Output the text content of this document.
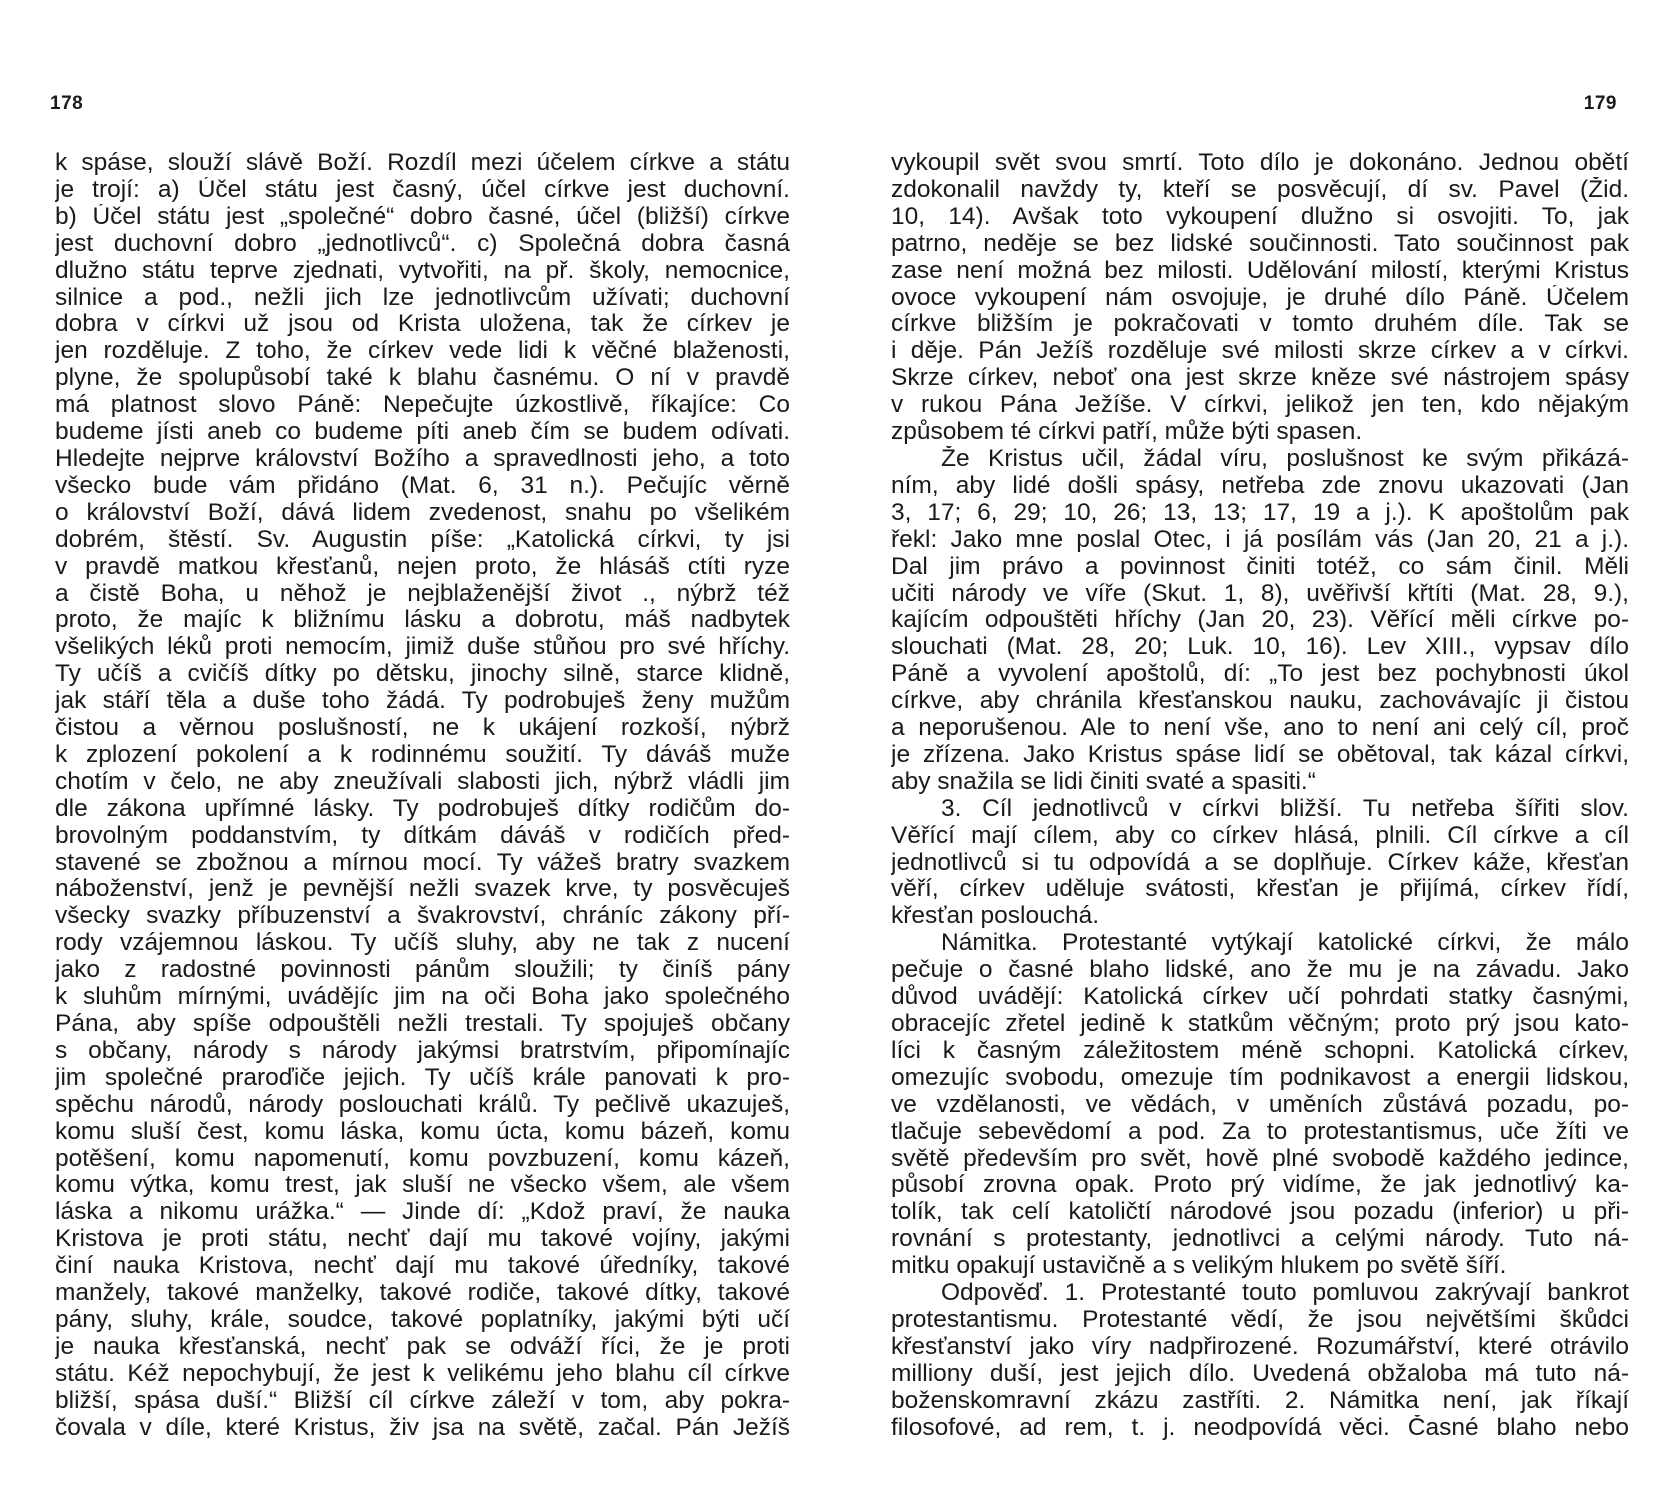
178
k spáse, slouží slávě Boží. Rozdíl mezi účelem církve a státu
je trojí: a) Účel státu jest časný, účel církve jest duchovní.
b) Účel státu jest „společné“ dobro časné, účel (bližší) církve
jest duchovní dobro „jednotlivců“. c) Společná dobra časná
dlužno státu teprve zjednati, vytvořiti, na př. školy, nemocnice,
silnice a pod., nežli jich lze jednotlivcům užívati; duchovní
dobra v církvi už jsou od Krista uložena, tak že církev je
jen rozděluje. Z toho, že církev vede lidi k věčné blaženosti,
plyne, že spolupůsobí také k blahu časnému. O ní v pravdě
má platnost slovo Páně: Nepečujte úzkostlivě, říkajíce: Co
budeme jísti aneb co budeme píti aneb čím se budem odívati.
Hledejte nejprve království Božího a spravedlnosti jeho, a toto
všecko bude vám přidáno (Mat. 6, 31 n.). Pečujíc věrně
o království Boží, dává lidem zvedenost, snahu po všelikém
dobrém, štěstí. Sv. Augustin píše: „Katolická církvi, ty jsi
v pravdě matkou křesťanů, nejen proto, že hlásáš ctíti ryze
a čistě Boha, u něhož je nejblaženější život ., nýbrž též
proto, že majíc k bližnímu lásku a dobrotu, máš nadbytek
všelikých léků proti nemocím, jimiž duše stůňou pro své hříchy.
Ty učíš a cvičíš dítky po dětsku, jinochy silně, starce klidně,
jak stáří těla a duše toho žádá. Ty podrobuješ ženy mužům
čistou a věrnou poslušností, ne k ukájení rozkoší, nýbrž
k zplození pokolení a k rodinnému soužití. Ty dáváš muže
chotím v čelo, ne aby zneužívali slabosti jich, nýbrž vládli jim
dle zákona upřímné lásky. Ty podrobuješ dítky rodičům do-
brovolným poddanstvím, ty dítkám dáváš v rodičích před-
stavené se zbožnou a mírnou mocí. Ty vážeš bratry svazkem
náboženství, jenž je pevnější nežli svazek krve, ty posvěcuješ
všecky svazky příbuzenství a švakrovství, chráníc zákony pří-
rody vzájemnou láskou. Ty učíš sluhy, aby ne tak z nucení
jako z radostné povinnosti pánům sloužili; ty činíš pány
k sluhům mírnými, uvádějíc jim na oči Boha jako společného
Pána, aby spíše odpouštěli nežli trestali. Ty spojuješ občany
s občany, národy s národy jakýmsi bratrstvím, připomínajíc
jim společné praroďiče jejich. Ty učíš krále panovati k pro-
spěchu národů, národy poslouchati králů. Ty pečlivě ukazuješ,
komu sluší čest, komu láska, komu úcta, komu bázeň, komu
potěšení, komu napomenutí, komu povzbuzení, komu kázeň,
komu výtka, komu trest, jak sluší ne všecko všem, ale všem
láska a nikomu urážka.“ — Jinde dí: „Kdož praví, že nauka
Kristova je proti státu, nechť dají mu takové vojíny, jakými
činí nauka Kristova, nechť dají mu takové úředníky, takové
manžely, takové manželky, takové rodiče, takové dítky, takové
pány, sluhy, krále, soudce, takové poplatníky, jakými býti učí
je nauka křesťanská, nechť pak se odváží říci, že je proti
státu. Kéž nepochybují, že jest k velikému jeho blahu cíl církve
bližší, spása duší.“ Bližší cíl církve záleží v tom, aby pokra-
čovala v díle, které Kristus, živ jsa na světě, začal. Pán Ježíš
179
vykoupil svět svou smrtí. Toto dílo je dokonáno. Jednou obětí
zdokonalil navždy ty, kteří se posvěcují, dí sv. Pavel (Žid.
10, 14). Avšak toto vykoupení dlužno si osvojiti. To, jak
patrno, neděje se bez lidské součinnosti. Tato součinnost pak
zase není možná bez milosti. Udělování milostí, kterými Kristus
ovoce vykoupení nám osvojuje, je druhé dílo Páně. Účelem
církve bližším je pokračovati v tomto druhém díle. Tak se
i děje. Pán Ježíš rozděluje své milosti skrze církev a v církvi.
Skrze církev, neboť ona jest skrze kněze své nástrojem spásy
v rukou Pána Ježíše. V církvi, jelikož jen ten, kdo nějakým
způsobem té církvi patří, může býti spasen.
Že Kristus učil, žádal víru, poslušnost ke svým přikázá-
ním, aby lidé došli spásy, netřeba zde znovu ukazovati (Jan
3, 17; 6, 29; 10, 26; 13, 13; 17, 19 a j.). K apoštolům pak
řekl: Jako mne poslal Otec, i já posílám vás (Jan 20, 21 a j.).
Dal jim právo a povinnost činiti totéž, co sám činil. Měli
učiti národy ve víře (Skut. 1, 8), uvěřivší křtíti (Mat. 28, 9.),
kajícím odpouštěti hříchy (Jan 20, 23). Věřící měli církve po-
slouchati (Mat. 28, 20; Luk. 10, 16). Lev XIII., vypsav dílo
Páně a vyvolení apoštolů, dí: „To jest bez pochybnosti úkol
církve, aby chránila křesťanskou nauku, zachovávajíc ji čistou
a neporušenou. Ale to není vše, ano to není ani celý cíl, proč
je zřízena. Jako Kristus spáse lidí se obětoval, tak kázal církvi,
aby snažila se lidi činiti svaté a spasiti.“
3. Cíl jednotlivců v církvi bližší. Tu netřeba šířiti slov.
Věřící mají cílem, aby co církev hlásá, plnili. Cíl církve a cíl
jednotlivců si tu odpovídá a se doplňuje. Církev káže, křesťan
věří, církev uděluje svátosti, křesťan je přijímá, církev řídí,
křesťan poslouchá.
Námitka. Protestanté vytýkají katolické církvi, že málo
pečuje o časné blaho lidské, ano že mu je na závadu. Jako
důvod uvádějí: Katolická církev učí pohrdati statky časnými,
obracejíc zřetel jedině k statkům věčným; proto prý jsou kato-
líci k časným záležitostem méně schopni. Katolická církev,
omezujíc svobodu, omezuje tím podnikavost a energii lidskou,
ve vzdělanosti, ve vědách, v uměních zůstává pozadu, po-
tlačuje sebevědomí a pod. Za to protestantismus, uče žíti ve
světě především pro svět, hově plné svobodě každého jedince,
působí zrovna opak. Proto prý vidíme, že jak jednotlivý ka-
tolík, tak celí katoličtí národové jsou pozadu (inferior) u při-
rovnání s protestanty, jednotlivci a celými národy. Tuto ná-
mitku opakují ustavičně a s velikým hlukem po světě šíří.
Odpověď. 1. Protestanté touto pomluvou zakrývají bankrot
protestantismu. Protestanté vědí, že jsou největšími škůdci
křesťanství jako víry nadpřirozené. Rozumářství, které otrávilo
milliony duší, jest jejich dílo. Uvedená obžaloba má tuto ná-
boženskomravní zkázu zastříti. 2. Námitka není, jak říkají
filosofové, ad rem, t. j. neodpovídá věci. Časné blaho nebo
